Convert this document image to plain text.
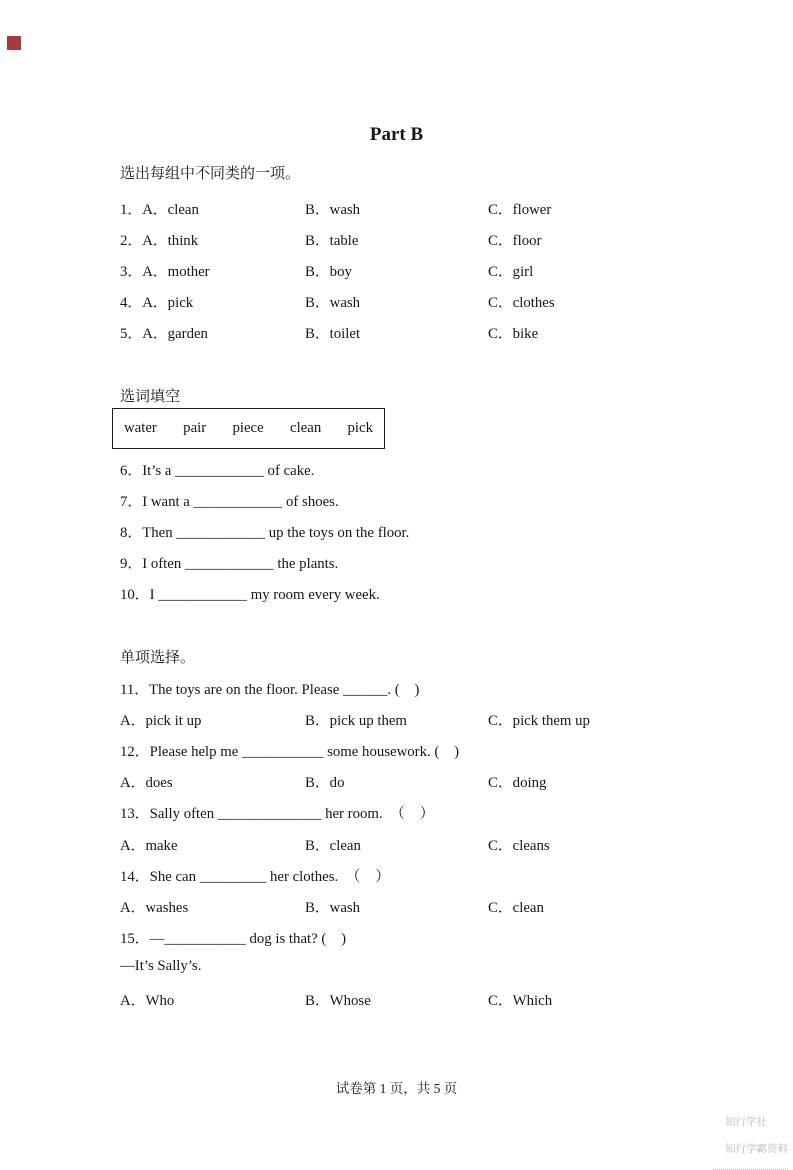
Part B
选出每组中不同类的一项。
1．A．clean	B．wash	C．flower
2．A．think	B．table	C．floor
3．A．mother	B．boy	C．girl
4．A．pick	B．wash	C．clothes
5．A．garden	B．toilet	C．bike
选词填空
water pair piece clean pick
6．It’s a ____________ of cake.
7．I want a ____________ of shoes.
8．Then ____________ up the toys on the floor.
9．I often ____________ the plants.
10．I ____________ my room every week.
单项选择。
11．The toys are on the floor. Please ______. (　)
A．pick it up	B．pick up them	C．pick them up
12．Please help me ___________ some housework. (　)
A．does	B．do	C．doing
13．Sally often ______________ her room.　（　）
A．make	B．clean	C．cleans
14．She can _________ her clothes.　（　）
A．washes	B．wash	C．clean
15．—___________ dog is that? (　)
—It’s Sally’s.
A．Who	B．Whose	C．Which
试卷第 1 页，共 5 页

知行学社

知行学霸资料
